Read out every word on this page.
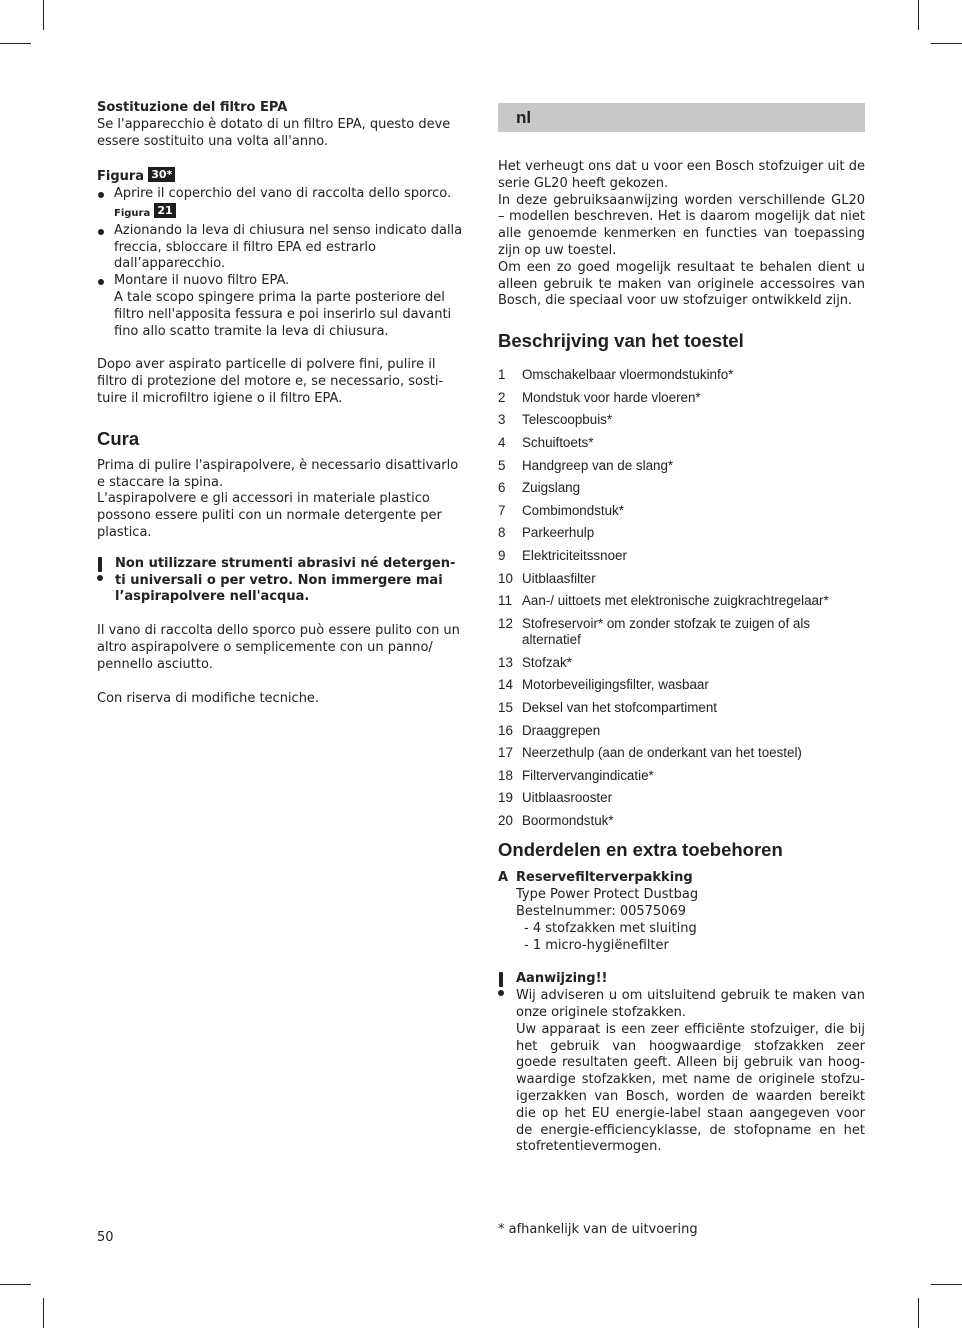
Sostituzione del filtro EPA

Se l'apparecchio è dotato di un filtro EPA, questo deve essere sostituito una volta all'anno.

Figura 30*

Aprire il coperchio del vano di raccolta dello sporco. Figura 21
Azionando la leva di chiusura nel senso indicato dalla freccia, sbloccare il filtro EPA ed estrarlo dall’apparecchio.
Montare il nuovo filtro EPA.
A tale scopo spingere prima la parte posteriore del filtro nell'apposita fessura e poi inserirlo sul davanti fino allo scatto tramite la leva di chiusura.

Dopo aver aspirato particelle di polvere fini, pulire il filtro di protezione del motore e, se necessario, sosti-tuire il microfiltro igiene o il filtro EPA.

Cura

Prima di pulire l'aspirapolvere, è necessario disattivarlo e staccare la spina.

L'aspirapolvere e gli accessori in materiale plastico possono essere puliti con un normale detergente per plastica.

Non utilizzare strumenti abrasivi né detergen-ti universali o per vetro. Non immergere mai l’aspirapolvere nell'acqua.

Il vano di raccolta dello sporco può essere pulito con un altro aspirapolvere o semplicemente con un panno/ pennello asciutto.

Con riserva di modifiche tecniche.

nl

Het verheugt ons dat u voor een Bosch stofzuiger uit de serie GL20 heeft gekozen.

In deze gebruiksaanwijzing worden verschillende GL20 – modellen beschreven. Het is daarom mogelijk dat niet alle genoemde kenmerken en functies van toepassing zijn op uw toestel.

Om een zo goed mogelijk resultaat te behalen dient u alleen gebruik te maken van originele accessoires van Bosch, die speciaal voor uw stofzuiger ontwikkeld zijn.

Beschrijving van het toestel

1	Omschakelbaar vloermondstukinfo*
2	Mondstuk voor harde vloeren*
3	Telescoopbuis*
4	Schuiftoets*
5	Handgreep van de slang*
6	Zuigslang
7	Combimondstuk*
8	Parkeerhulp
9	Elektriciteitssnoer
10 Uitblaasfilter
11 Aan-/ uittoets met elektronische zuigkrachtregelaar*
12 Stofreservoir* om zonder stofzak te zuigen of als alternatief
13 Stofzak*
14 Motorbeveiligingsfilter, wasbaar
15 Deksel van het stofcompartiment
16 Draaggrepen
17 Neerzethulp (aan de onderkant van het toestel)
18 Filtervervangindicatie*
19 Uitblaasrooster
20 Boormondstuk*

Onderdelen en extra toebehoren

A Reservefilterverpakking

Type Power Protect Dustbag

Bestelnummer: 00575069

- 4 stofzakken met sluiting

- 1 micro-hygiënefilter

Aanwijzing!!

Wij adviseren u om uitsluitend gebruik te maken van onze originele stofzakken.

Uw apparaat is een zeer efficiënte stofzuiger, die bij het gebruik van hoogwaardige stofzakken zeer goede resultaten geeft. Alleen bij gebruik van hoog-waardige stofzakken, met name de originele stofzu-igerzakken van Bosch, worden de waarden bereikt die op het EU energie-label staan aangegeven voor de energie-efficiencyklasse, de stofopname en het stofretentievermogen.

50
* afhankelijk van de uitvoering
